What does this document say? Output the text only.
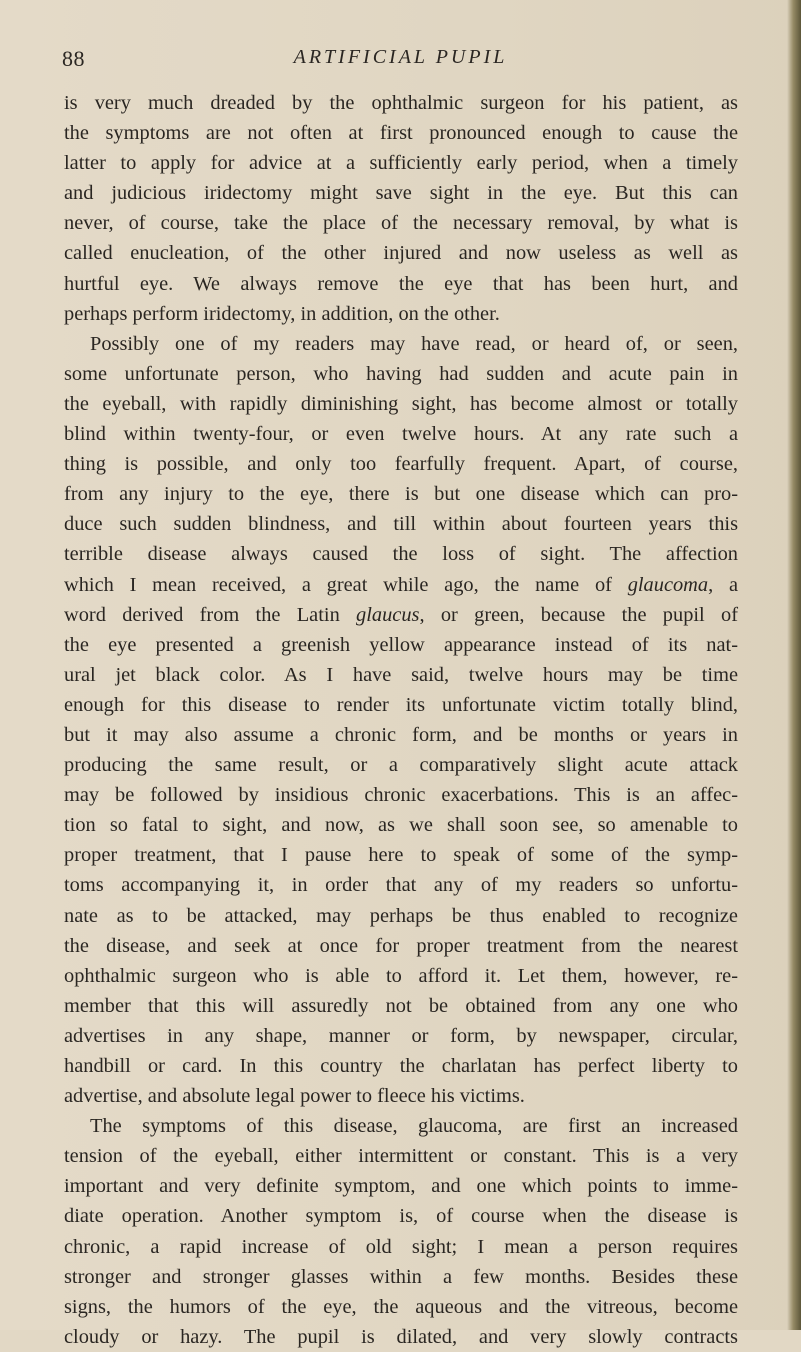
88	ARTIFICIAL PUPIL
is very much dreaded by the ophthalmic surgeon for his patient, as
the symptoms are not often at first pronounced enough to cause the
latter to apply for advice at a sufficiently early period, when a timely
and judicious iridectomy might save sight in the eye. But this can
never, of course, take the place of the necessary removal, by what is
called enucleation, of the other injured and now useless as well as
hurtful eye. We always remove the eye that has been hurt, and
perhaps perform iridectomy, in addition, on the other.
Possibly one of my readers may have read, or heard of, or seen,
some unfortunate person, who having had sudden and acute pain in
the eyeball, with rapidly diminishing sight, has become almost or totally
blind within twenty-four, or even twelve hours. At any rate such a
thing is possible, and only too fearfully frequent. Apart, of course,
from any injury to the eye, there is but one disease which can pro-
duce such sudden blindness, and till within about fourteen years this
terrible disease always caused the loss of sight. The affection
which I mean received, a great while ago, the name of glaucoma, a
word derived from the Latin glaucus, or green, because the pupil of
the eye presented a greenish yellow appearance instead of its nat-
ural jet black color. As I have said, twelve hours may be time
enough for this disease to render its unfortunate victim totally blind,
but it may also assume a chronic form, and be months or years in
producing the same result, or a comparatively slight acute attack
may be followed by insidious chronic exacerbations. This is an affec-
tion so fatal to sight, and now, as we shall soon see, so amenable to
proper treatment, that I pause here to speak of some of the symp-
toms accompanying it, in order that any of my readers so unfortu-
nate as to be attacked, may perhaps be thus enabled to recognize
the disease, and seek at once for proper treatment from the nearest
ophthalmic surgeon who is able to afford it. Let them, however, re-
member that this will assuredly not be obtained from any one who
advertises in any shape, manner or form, by newspaper, circular,
handbill or card. In this country the charlatan has perfect liberty to
advertise, and absolute legal power to fleece his victims.
The symptoms of this disease, glaucoma, are first an increased
tension of the eyeball, either intermittent or constant. This is a very
important and very definite symptom, and one which points to imme-
diate operation. Another symptom is, of course when the disease is
chronic, a rapid increase of old sight; I mean a person requires
stronger and stronger glasses within a few months. Besides these
signs, the humors of the eye, the aqueous and the vitreous, become
cloudy or hazy. The pupil is dilated, and very slowly contracts
